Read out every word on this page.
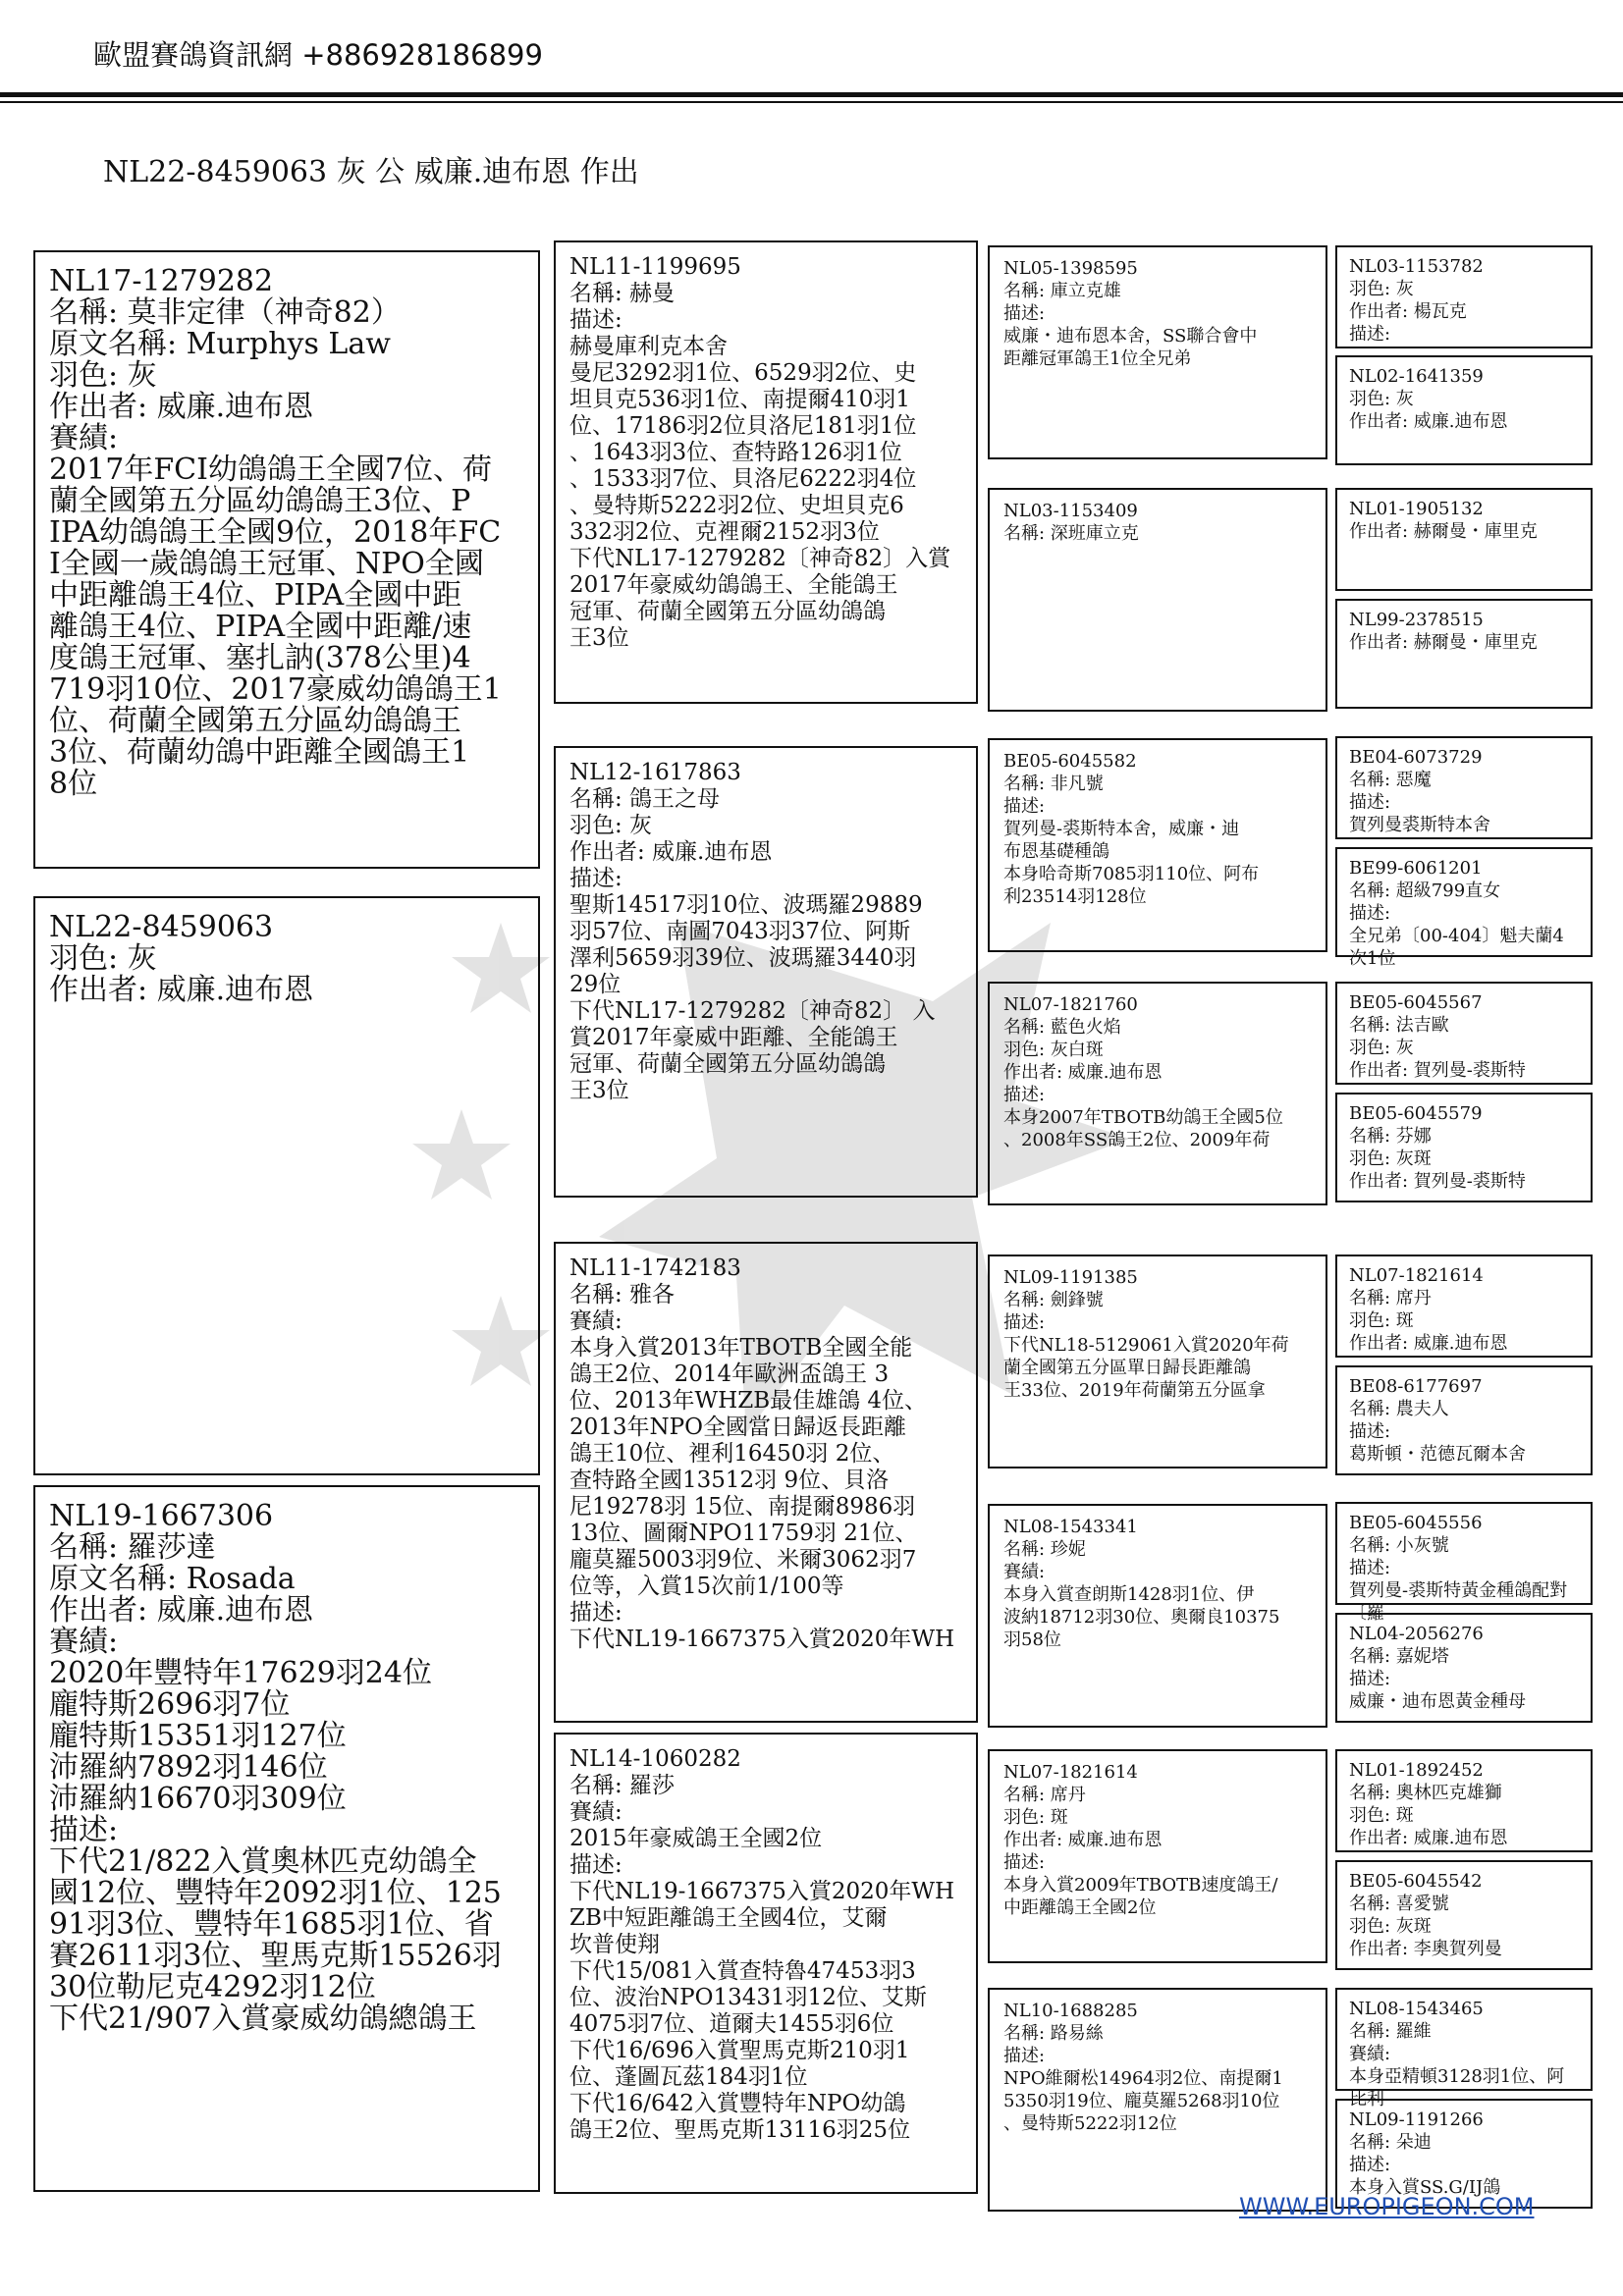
歐盟賽鴿資訊網 +886928186899
NL22-8459063 灰 公 威廉.迪布恩 作出
NL17-1279282
名稱: 莫非定律（神奇82）
原文名稱: Murphys Law
羽色: 灰
作出者: 威廉.迪布恩
賽績:
2017年FCI幼鴿鴿王全國7位、荷
蘭全國第五分區幼鴿鴿王3位、P
IPA幼鴿鴿王全國9位，2018年FC
I全國一歲鴿鴿王冠軍、NPO全國
中距離鴿王4位、PIPA全國中距
離鴿王4位、PIPA全國中距離/速
度鴿王冠軍、塞扎訥(378公里)4
719羽10位、2017豪威幼鴿鴿王1
位、荷蘭全國第五分區幼鴿鴿王
3位、荷蘭幼鴿中距離全國鴿王1
8位
NL22-8459063
羽色: 灰
作出者: 威廉.迪布恩
NL19-1667306
名稱: 羅莎達
原文名稱: Rosada
作出者: 威廉.迪布恩
賽績:
2020年豐特年17629羽24位
龐特斯2696羽7位
龐特斯15351羽127位
沛羅納7892羽146位
沛羅納16670羽309位
描述:
下代21/822入賞奧林匹克幼鴿全
國12位、豐特年2092羽1位、125
91羽3位、豐特年1685羽1位、省
賽2611羽3位、聖馬克斯15526羽
30位勒尼克4292羽12位
下代21/907入賞豪威幼鴿總鴿王
NL11-1199695
名稱: 赫曼
描述:
赫曼庫利克本舍
曼尼3292羽1位、6529羽2位、史
坦貝克536羽1位、南提爾410羽1
位、17186羽2位貝洛尼181羽1位
、1643羽3位、查特路126羽1位
、1533羽7位、貝洛尼6222羽4位
、曼特斯5222羽2位、史坦貝克6
332羽2位、克裡爾2152羽3位
下代NL17-1279282〔神奇82〕入賞
2017年豪威幼鴿鴿王、全能鴿王
冠軍、荷蘭全國第五分區幼鴿鴿
王3位
NL12-1617863
名稱: 鴿王之母
羽色: 灰
作出者: 威廉.迪布恩
描述:
聖斯14517羽10位、波瑪羅29889
羽57位、南圖7043羽37位、阿斯
澤利5659羽39位、波瑪羅3440羽
29位
下代NL17-1279282〔神奇82〕 入
賞2017年豪威中距離、全能鴿王
冠軍、荷蘭全國第五分區幼鴿鴿
王3位
NL11-1742183
名稱: 雅各
賽績:
本身入賞2013年TBOTB全國全能
鴿王2位、2014年歐洲盃鴿王 3
位、2013年WHZB最佳雄鴿 4位、
2013年NPO全國當日歸返長距離
鴿王10位、裡利16450羽 2位、
查特路全國13512羽 9位、貝洛
尼19278羽 15位、南提爾8986羽
13位、圖爾NPO11759羽 21位、
龐莫羅5003羽9位、米爾3062羽7
位等，入賞15次前1/100等
描述:
下代NL19-1667375入賞2020年WH
NL14-1060282
名稱: 羅莎
賽績:
2015年豪威鴿王全國2位
描述:
下代NL19-1667375入賞2020年WH
ZB中短距離鴿王全國4位，艾爾
坎普使翔
下代15/081入賞查特魯47453羽3
位、波治NPO13431羽12位、艾斯
4075羽7位、道爾夫1455羽6位
下代16/696入賞聖馬克斯210羽1
位、蓬圖瓦茲184羽1位
下代16/642入賞豐特年NPO幼鴿
鴿王2位、聖馬克斯13116羽25位
NL05-1398595
名稱: 庫立克雄
描述:
威廉・迪布恩本舍，SS聯合會中
距離冠軍鴿王1位全兄弟
NL03-1153409
名稱: 深班庫立克
BE05-6045582
名稱: 非凡號
描述:
賀列曼-裘斯特本舍，威廉・迪
布恩基礎種鴿
本身哈奇斯7085羽110位、阿布
利23514羽128位
NL07-1821760
名稱: 藍色火焰
羽色: 灰白斑
作出者: 威廉.迪布恩
描述:
本身2007年TBOTB幼鴿王全國5位
、2008年SS鴿王2位、2009年荷
NL09-1191385
名稱: 劍鋒號
描述:
下代NL18-5129061入賞2020年荷
蘭全國第五分區單日歸長距離鴿
王33位、2019年荷蘭第五分區拿
NL08-1543341
名稱: 珍妮
賽績:
本身入賞查朗斯1428羽1位、伊
波納18712羽30位、奧爾良10375
羽58位
NL07-1821614
名稱: 席丹
羽色: 斑
作出者: 威廉.迪布恩
描述:
本身入賞2009年TBOTB速度鴿王/
中距離鴿王全國2位
NL10-1688285
名稱: 路易絲
描述:
NPO維爾松14964羽2位、南提爾1
5350羽19位、龐莫羅5268羽10位
、曼特斯5222羽12位
NL03-1153782
羽色: 灰
作出者: 楊瓦克
描述:
NL02-1641359
羽色: 灰
作出者: 威廉.迪布恩
NL01-1905132
作出者: 赫爾曼・庫里克
NL99-2378515
作出者: 赫爾曼・庫里克
BE04-6073729
名稱: 惡魔
描述:
賀列曼裘斯特本舍
BE99-6061201
名稱: 超級799直女
描述:
全兄弟〔00-404〕魁夫蘭4次1位
BE05-6045567
名稱: 法吉歐
羽色: 灰
作出者: 賀列曼-裘斯特
BE05-6045579
名稱: 芬娜
羽色: 灰斑
作出者: 賀列曼-裘斯特
NL07-1821614
名稱: 席丹
羽色: 斑
作出者: 威廉.迪布恩
BE08-6177697
名稱: 農夫人
描述:
葛斯頓・范德瓦爾本舍
BE05-6045556
名稱: 小灰號
描述:
賀列曼-裘斯特黃金種鴿配對〔羅
NL04-2056276
名稱: 嘉妮塔
描述:
威廉・迪布恩黃金種母
NL01-1892452
名稱: 奧林匹克雄獅
羽色: 斑
作出者: 威廉.迪布恩
BE05-6045542
名稱: 喜愛號
羽色: 灰斑
作出者: 李奧賀列曼
NL08-1543465
名稱: 羅維
賽績:
本身亞精頓3128羽1位、阿比利
NL09-1191266
名稱: 朵迪
描述:
本身入賞SS.G/IJ鴿
WWW.EUROPIGEON.COM
